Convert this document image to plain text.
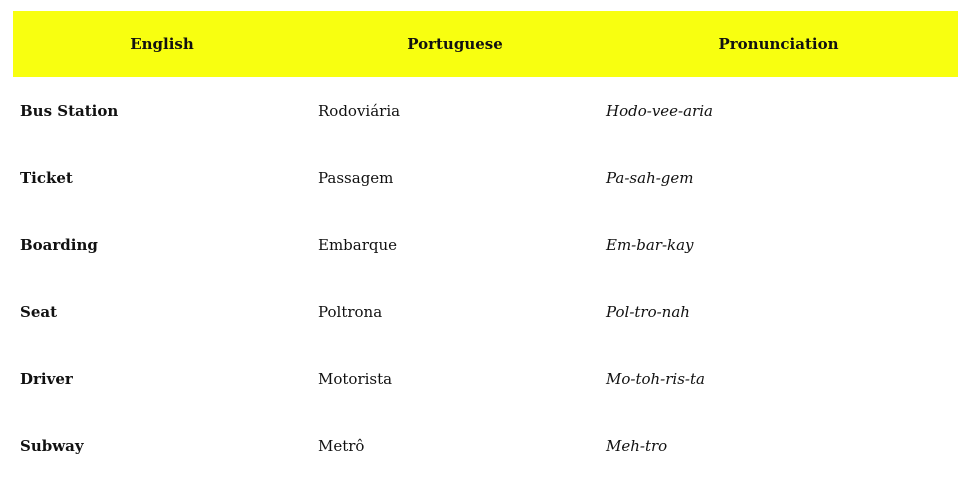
English	Portuguese	Pronunciation
Bus Station	Rodoviária	Hodo-vee-aria
Ticket	Passagem	Pa-sah-gem
Boarding	Embarque	Em-bar-kay
Seat	Poltrona	Pol-tro-nah
Driver	Motorista	Mo-toh-ris-ta
Subway	Metrô	Meh-tro
